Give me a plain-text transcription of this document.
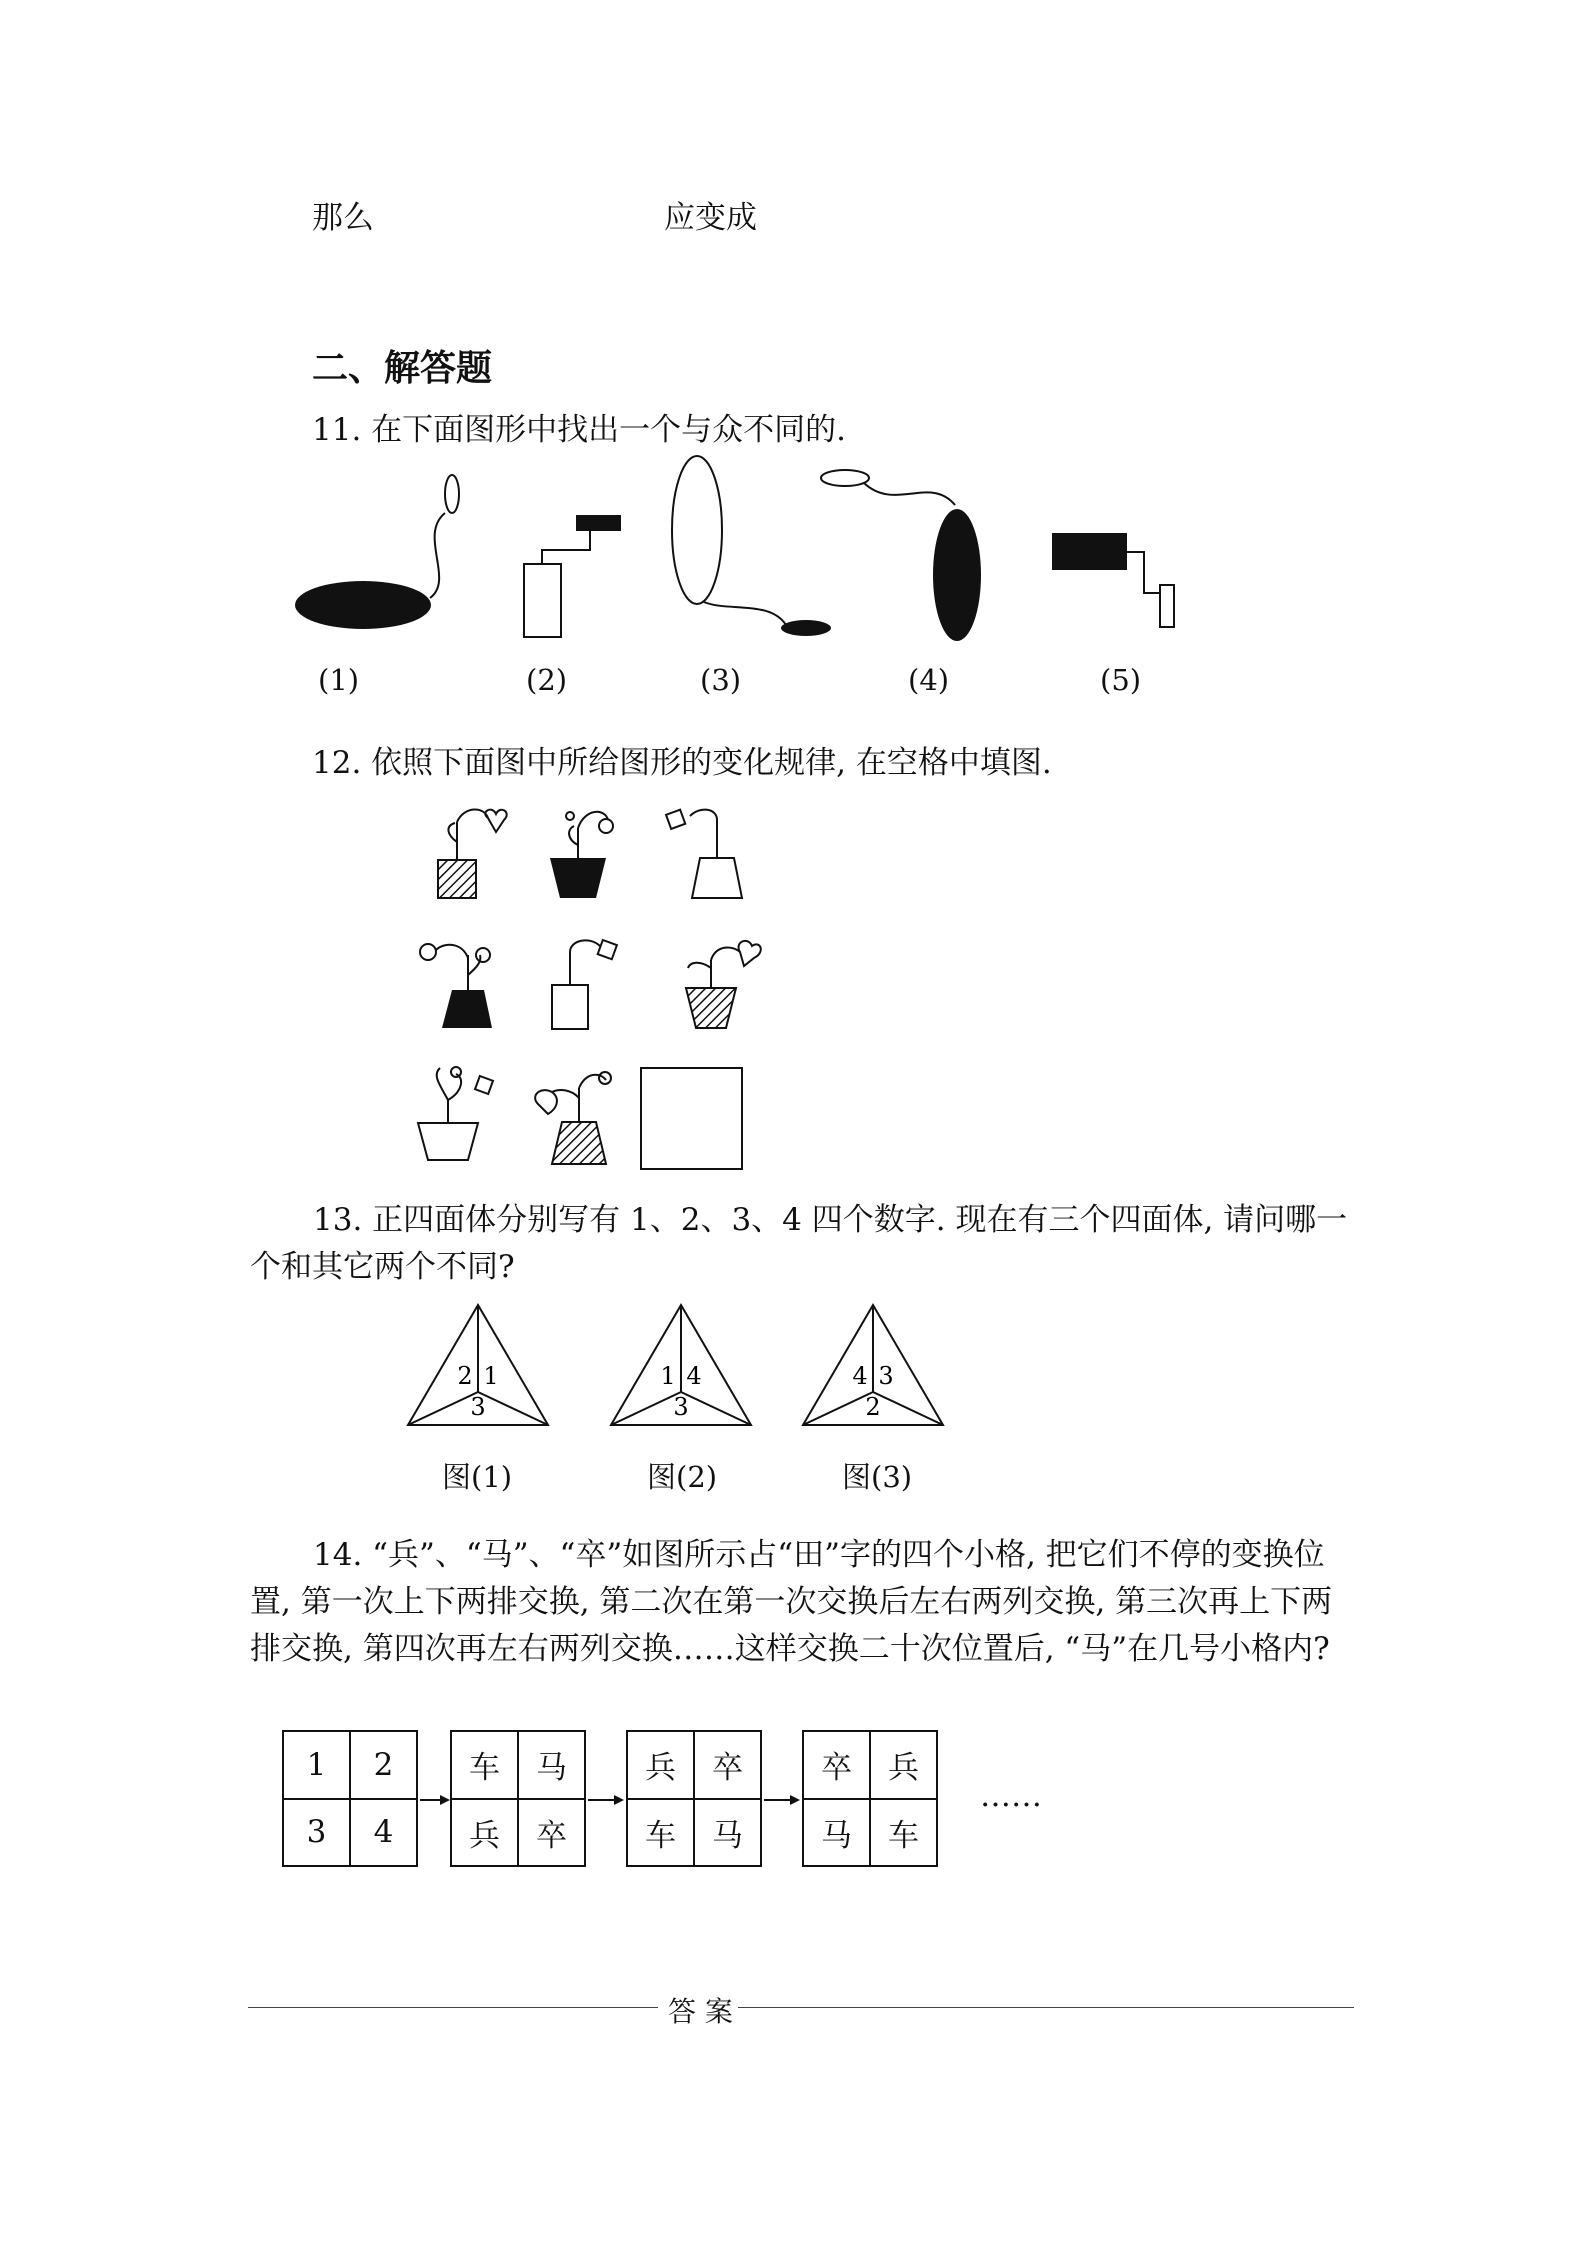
那么	应变成
二、解答题
11. 在下面图形中找出一个与众不同的.
(1)	(2)	(3)	(4)	(5)
12. 依照下面图中所给图形的变化规律, 在空格中填图.
13. 正四面体分别写有 1、2、3、4 四个数字. 现在有三个四面体, 请问哪一个和其它两个不同?
2 1
3
1 4
3
4 3
2
图(1)	图(2)	图(3)
14. “兵”、“马”、“卒”如图所示占“田”字的四个小格, 把它们不停的变换位置, 第一次上下两排交换, 第二次在第一次交换后左右两列交换, 第三次再上下两排交换, 第四次再左右两列交换……这样交换二十次位置后, “马”在几号小格内?
1	2
3	4
车	马
兵	卒
兵	卒
车	马
卒	兵
马	车
……
答 案
